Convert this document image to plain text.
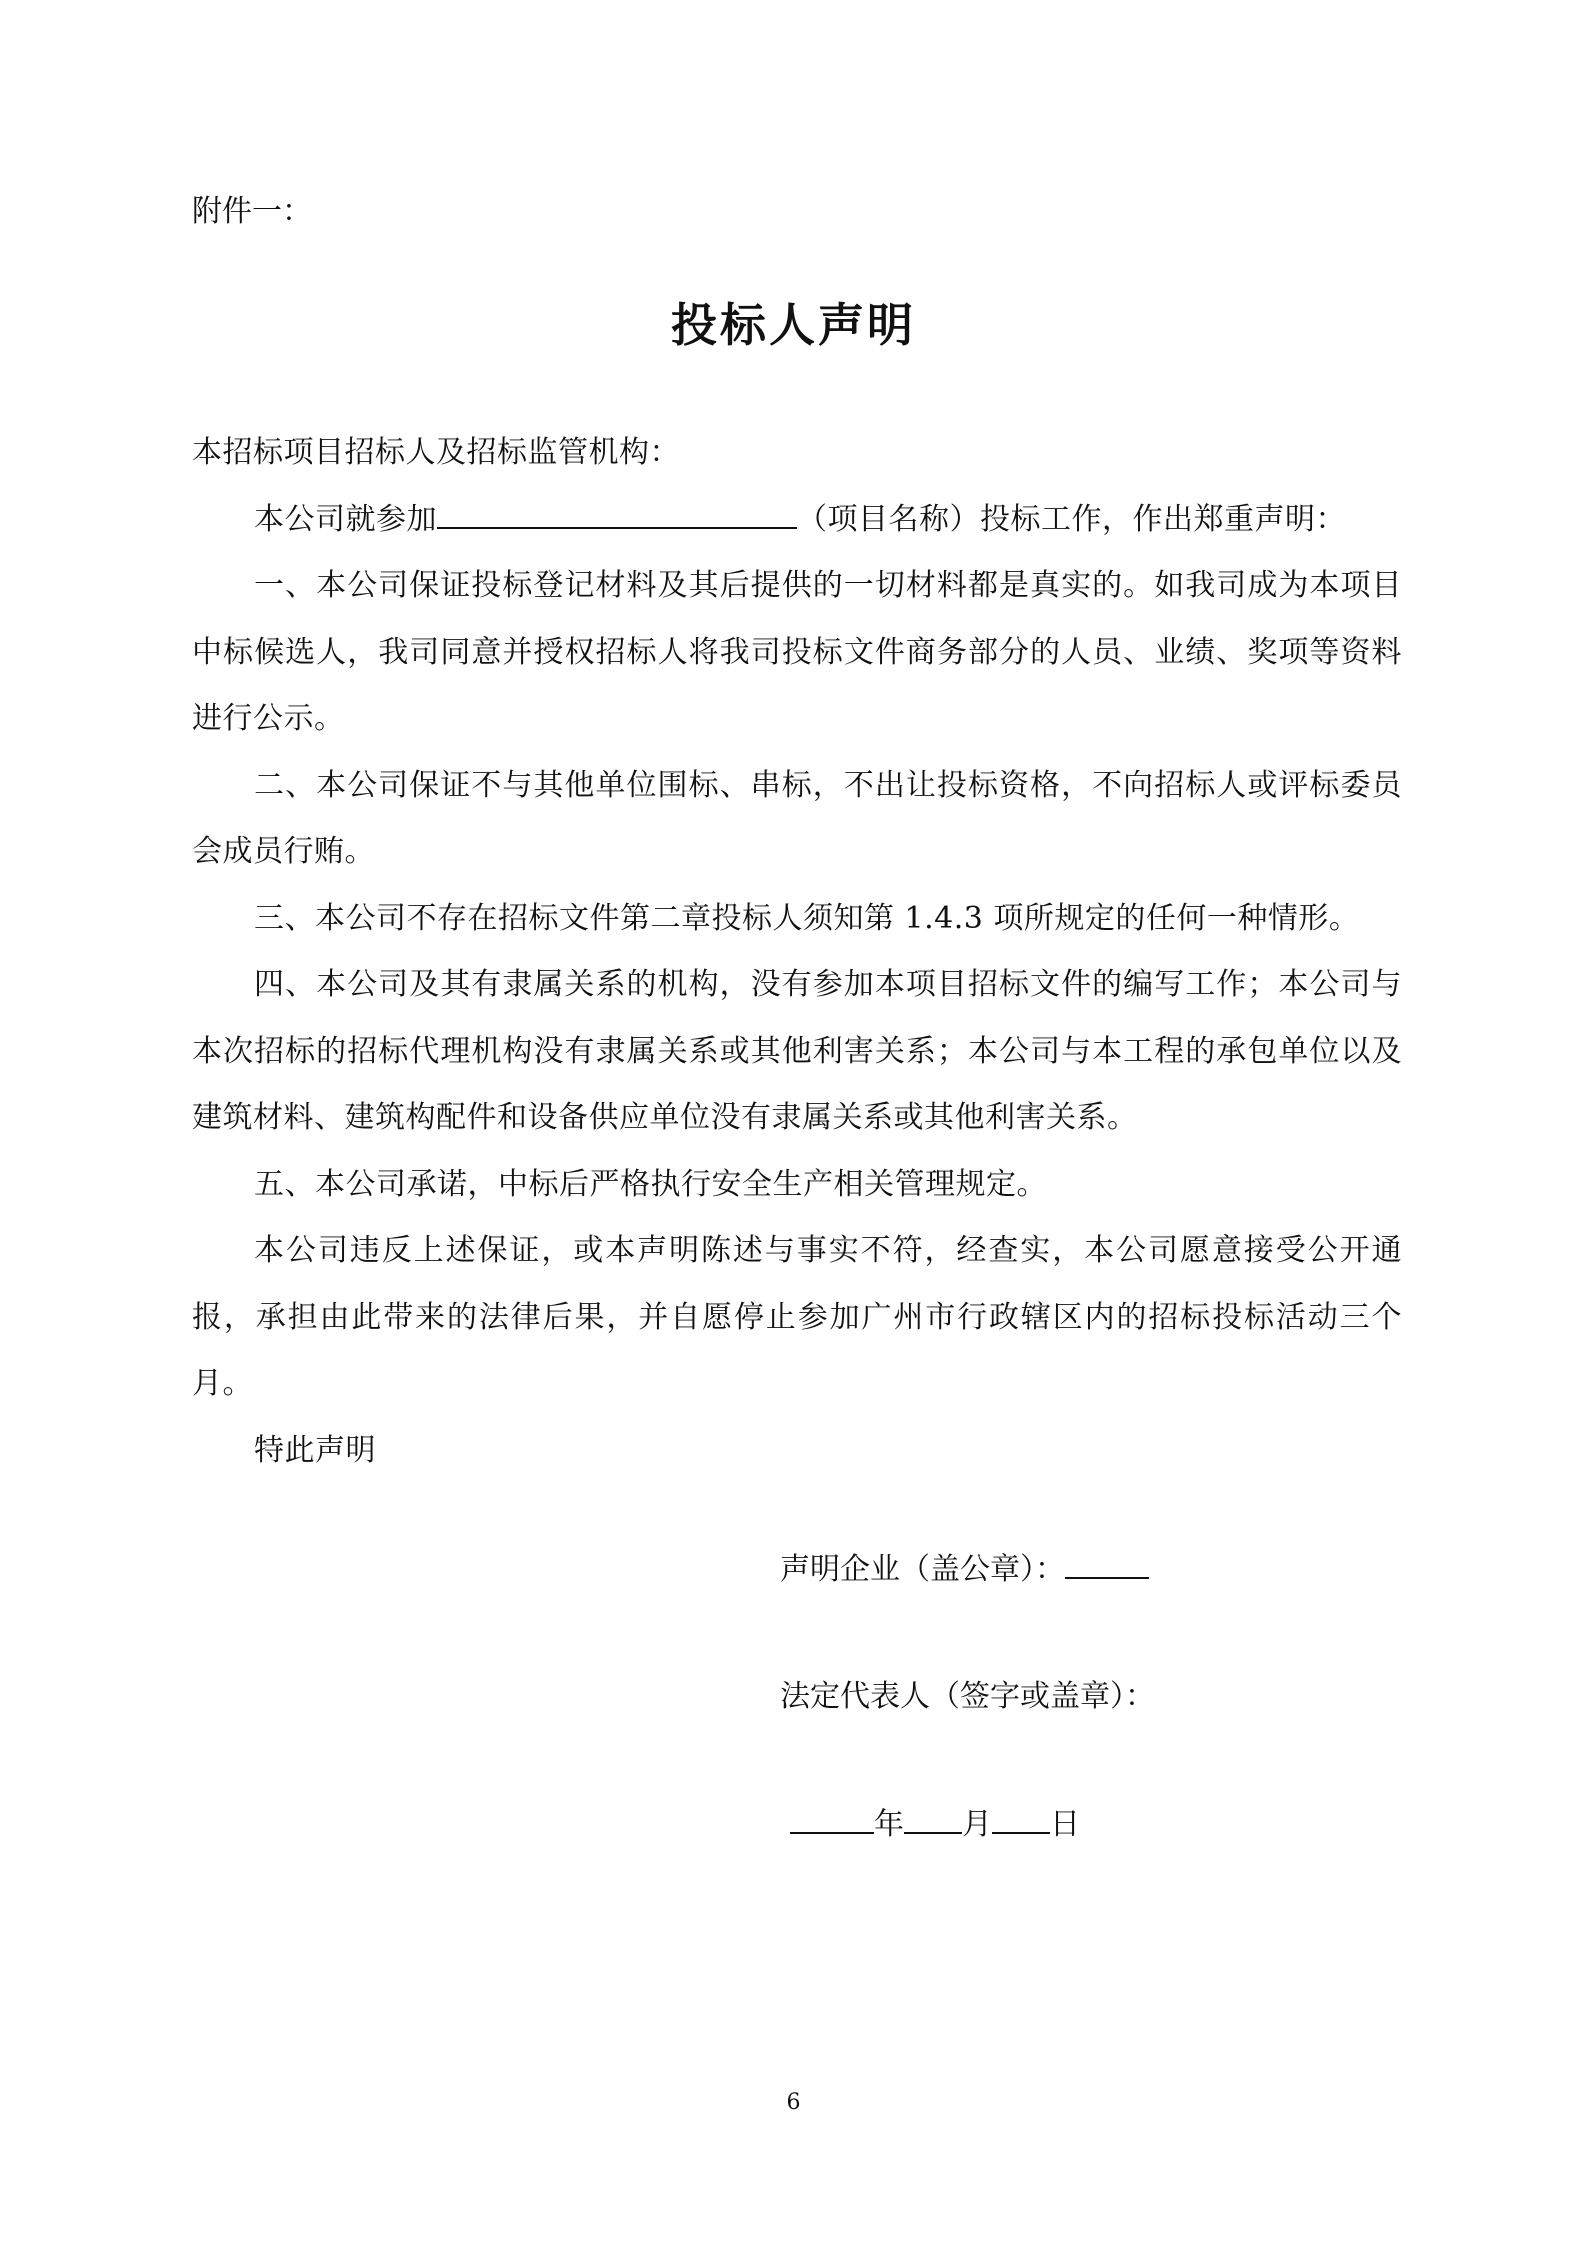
附件一：
投标人声明

本招标项目招标人及招标监管机构：

本公司就参加	（项目名称）投标工作，作出郑重声明：

一、本公司保证投标登记材料及其后提供的一切材料都是真实的。如我司成为本项目中标候选人，我司同意并授权招标人将我司投标文件商务部分的人员、业绩、奖项等资料进行公示。

二、本公司保证不与其他单位围标、串标，不出让投标资格，不向招标人或评标委员会成员行贿。

三、本公司不存在招标文件第二章投标人须知第 1.4.3 项所规定的任何一种情形。

四、本公司及其有隶属关系的机构，没有参加本项目招标文件的编写工作；本公司与本次招标的招标代理机构没有隶属关系或其他利害关系；本公司与本工程的承包单位以及建筑材料、建筑构配件和设备供应单位没有隶属关系或其他利害关系。

五、本公司承诺，中标后严格执行安全生产相关管理规定。

本公司违反上述保证，或本声明陈述与事实不符，经查实，本公司愿意接受公开通报，承担由此带来的法律后果，并自愿停止参加广州市行政辖区内的招标投标活动三个月。

特此声明

声明企业（盖公章）：
法定代表人（签字或盖章）：
年 月 日
6
